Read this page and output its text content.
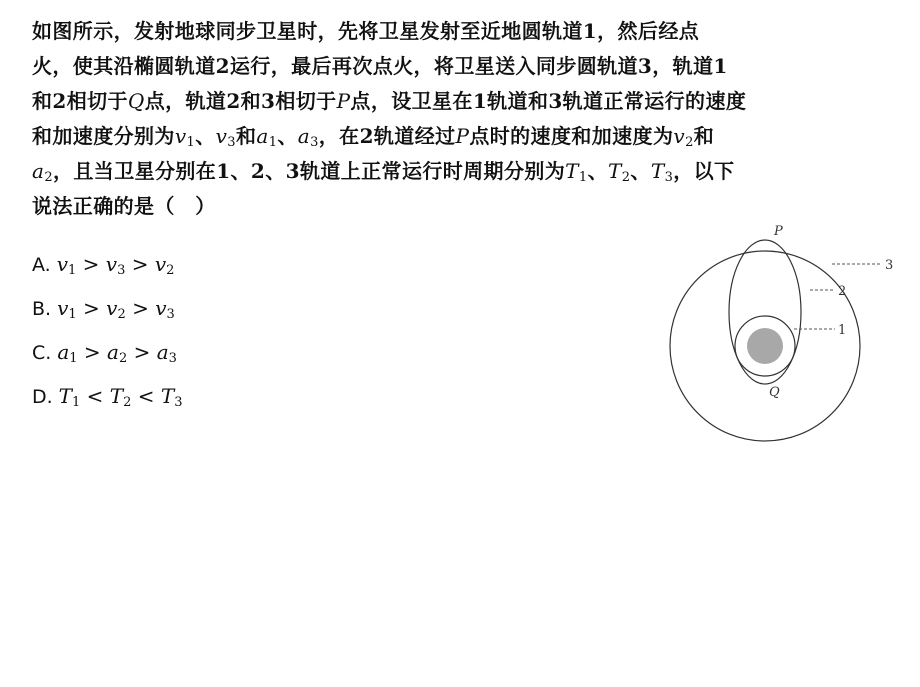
如图所示，发射地球同步卫星时，先将卫星发射至近地圆轨道1，然后经点
火，使其沿椭圆轨道2运行，最后再次点火，将卫星送入同步圆轨道3，轨道1
和2相切于Q点，轨道2和3相切于P点，设卫星在1轨道和3轨道正常运行的速度
和加速度分别为$v_1$、$v_3$和$a_1$、$a_3$，在2轨道经过P点时的速度和加速度为$v_2$和
$a_2$，且当卫星分别在1、2、3轨道上正常运行时周期分别为$T_1$、$T_2$、$T_3$，以下
说法正确的是（　）
A. $v_1 > v_3 > v_2$
B. $v_1 > v_2 > v_3$
C. $a_1 > a_2 > a_3$
D. $T_1 < T_2 < T_3$
3
2
1
P
Q
